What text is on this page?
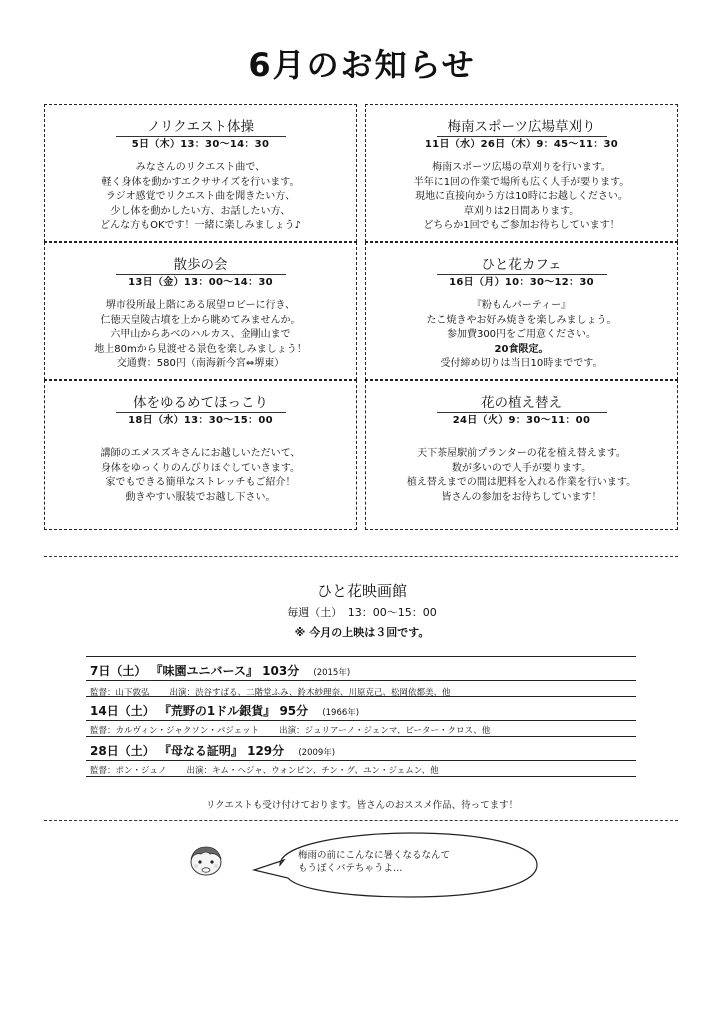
6月のお知らせ
ノリクエスト体操
5日（木）13：30〜14：30
みなさんのリクエスト曲で、
軽く身体を動かすエクササイズを行います。
ラジオ感覚でリクエスト曲を聞きたい方、
少し体を動かしたい方、お話したい方、
どんな方もOKです！一緒に楽しみましょう♪
梅南スポーツ広場草刈り
11日（水）26日（木）9：45〜11：30
梅南スポーツ広場の草刈りを行います。
半年に1回の作業で場所も広く人手が要ります。
現地に直接向かう方は10時にお越しください。
草刈りは2日間あります。
どちらか1回でもご参加お待ちしています！
散歩の会
13日（金）13：00〜14：30
堺市役所最上階にある展望ロビーに行き、
仁徳天皇陵古墳を上から眺めてみませんか。
六甲山からあべのハルカス、金剛山まで
地上80mから見渡せる景色を楽しみましょう！
交通費：580円（南海新今宮⇔堺東）
ひと花カフェ
16日（月）10：30〜12：30
『粉もんパーティー』
たこ焼きやお好み焼きを楽しみましょう。
参加費300円をご用意ください。
20食限定。
受付締め切りは当日10時までです。
体をゆるめてほっこり
18日（水）13：30〜15：00
講師のエメスズキさんにお越しいただいて、
身体をゆっくりのんびりほぐしていきます。
家でもできる簡単なストレッチもご紹介！
動きやすい服装でお越し下さい。
花の植え替え
24日（火）9：30〜11：00
天下茶屋駅前プランターの花を植え替えます。
数が多いので人手が要ります。
植え替えまでの間は肥料を入れる作業を行います。
皆さんの参加をお待ちしています！
ひと花映画館
毎週（土）　13：00〜15：00
※ 今月の上映は３回です。
7日（土） 『味園ユニバース』 103分 (2015年)
監督：山下敦弘 出演：渋谷すばる、二階堂ふみ、鈴木紗理奈、川原克己、松岡依都美、他
14日（土） 『荒野の1ドル銀貨』 95分 (1966年)
監督：カルヴィン・ジャクソン・パジェット 出演：ジュリアーノ・ジェンマ、ピーター・クロス、他
28日（土） 『母なる証明』 129分 (2009年)
監督：ポン・ジュノ 出演：キム・ヘジャ、ウォンビン、チン・グ、ユン・ジェムン、他
リクエストも受け付けております。皆さんのおススメ作品、待ってます！
梅雨の前にこんなに暑くなるなんて
もうぼくバテちゃうよ…
